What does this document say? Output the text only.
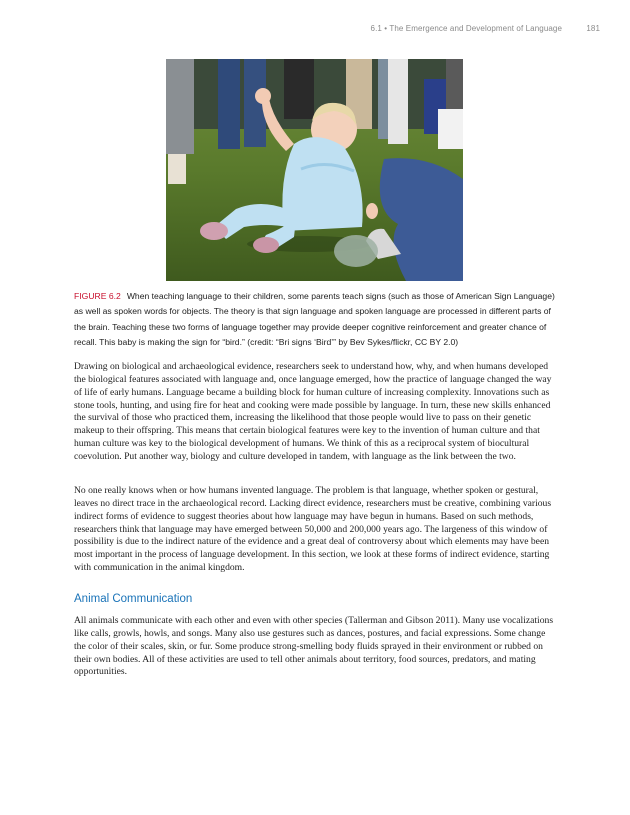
6.1 • The Emergence and Development of Language	181
FIGURE 6.2 When teaching language to their children, some parents teach signs (such as those of American Sign Language) as well as spoken words for objects. The theory is that sign language and spoken language are processed in different parts of the brain. Teaching these two forms of language together may provide deeper cognitive reinforcement and greater chance of recall. This baby is making the sign for “bird.” (credit: “Bri signs ‘Bird’” by Bev Sykes/flickr, CC BY 2.0)

Drawing on biological and archaeological evidence, researchers seek to understand how, why, and when humans developed the biological features associated with language and, once language emerged, how the practice of language changed the way of life of early humans. Language became a building block for human culture of increasing complexity. Innovations such as stone tools, hunting, and using fire for heat and cooking were made possible by language. In turn, these new skills enhanced the survival of those who practiced them, increasing the likelihood that those people would live to pass on their genetic makeup to their offspring. This means that certain biological features were key to the invention of human culture and that human culture was key to the biological development of humans. We think of this as a reciprocal system of biocultural coevolution. Put another way, biology and culture developed in tandem, with language as the link between the two.

No one really knows when or how humans invented language. The problem is that language, whether spoken or gestural, leaves no direct trace in the archaeological record. Lacking direct evidence, researchers must be creative, combining various indirect forms of evidence to suggest theories about how language may have begun in humans. Based on such methods, researchers think that language may have emerged between 50,000 and 200,000 years ago. The largeness of this window of possibility is due to the indirect nature of the evidence and a great deal of controversy about which elements may have been most important in the process of language development. In this section, we look at these forms of indirect evidence, starting with communication in the animal kingdom.

Animal Communication

All animals communicate with each other and even with other species (Tallerman and Gibson 2011). Many use vocalizations like calls, growls, howls, and songs. Many also use gestures such as dances, postures, and facial expressions. Some change the color of their scales, skin, or fur. Some produce strong-smelling body fluids sprayed in their environment or rubbed on their own bodies. All of these activities are used to tell other animals about territory, food sources, predators, and mating opportunities.
